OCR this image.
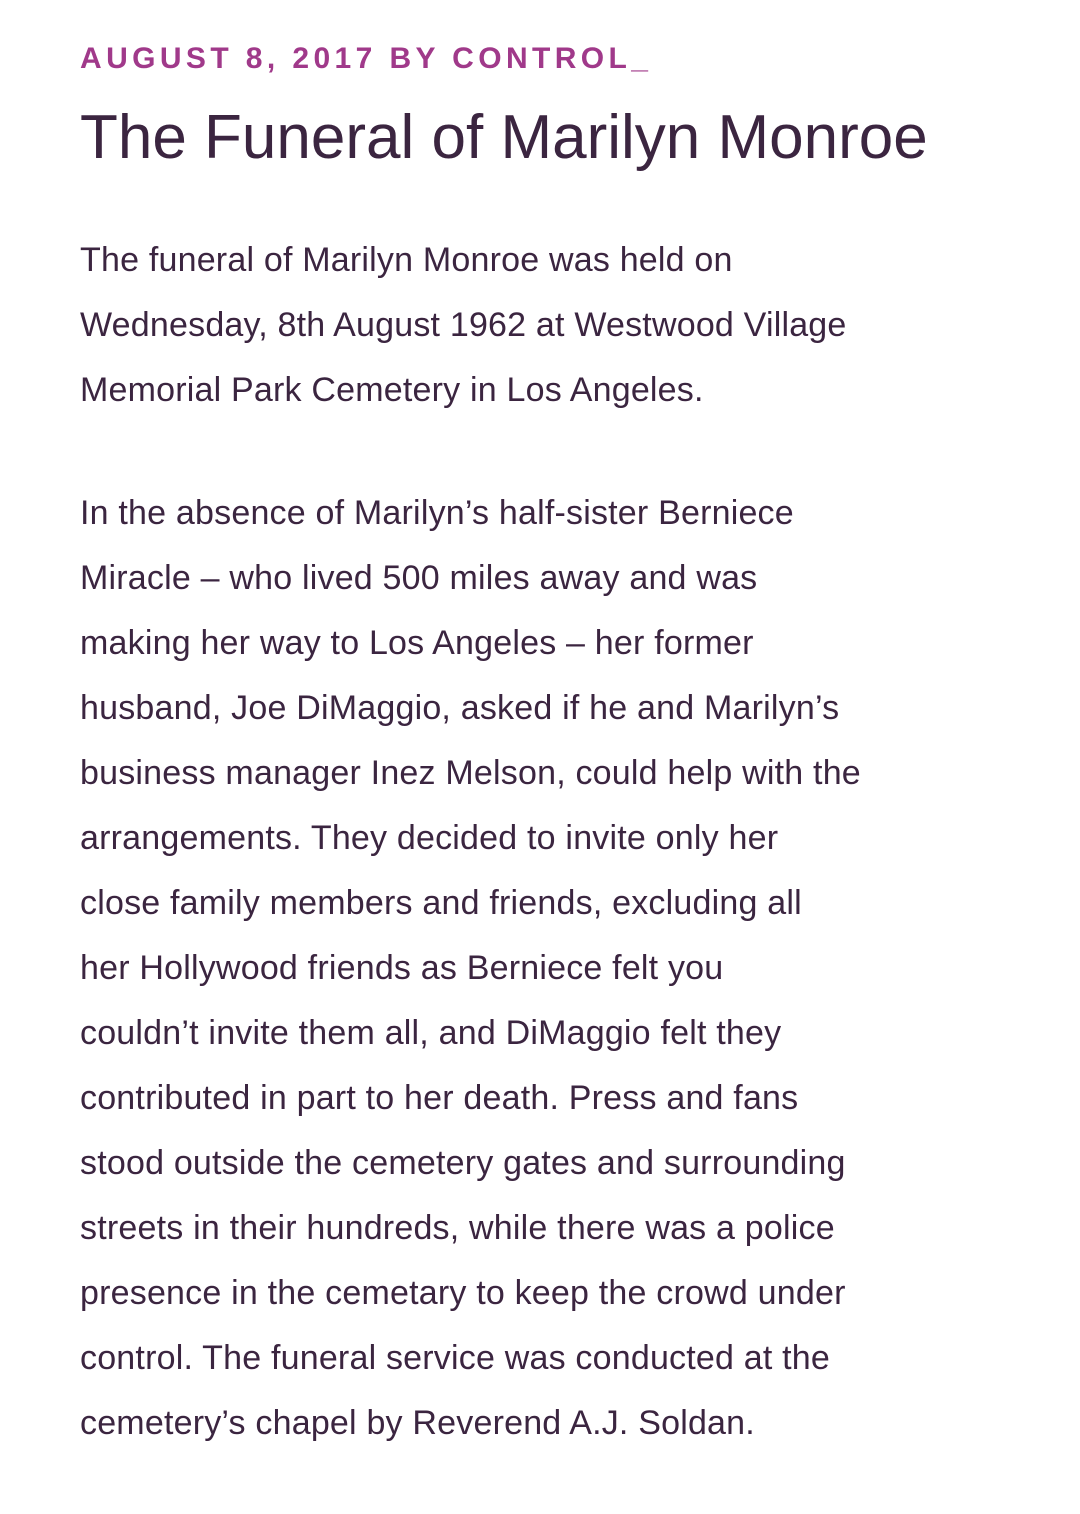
AUGUST 8, 2017 BY CONTROL_
The Funeral of Marilyn Monroe

The funeral of Marilyn Monroe was held on
Wednesday, 8th August 1962 at Westwood Village
Memorial Park Cemetery in Los Angeles.

In the absence of Marilyn’s half-sister Berniece
Miracle – who lived 500 miles away and was
making her way to Los Angeles – her former
husband, Joe DiMaggio, asked if he and Marilyn’s
business manager Inez Melson, could help with the
arrangements. They decided to invite only her
close family members and friends, excluding all
her Hollywood friends as Berniece felt you
couldn’t invite them all, and DiMaggio felt they
contributed in part to her death. Press and fans
stood outside the cemetery gates and surrounding
streets in their hundreds, while there was a police
presence in the cemetary to keep the crowd under
control. The funeral service was conducted at the
cemetery’s chapel by Reverend A.J. Soldan.
